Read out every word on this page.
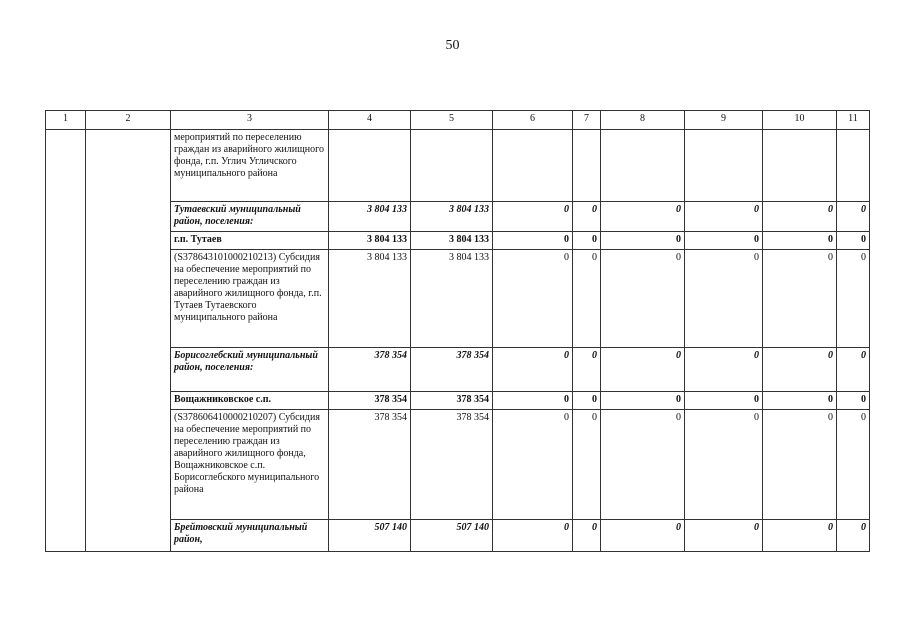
50
1	2	3	4	5	6	7	8	9	10	11
		мероприятий по переселению граждан из аварийного жилищного фонда, г.п. Углич Угличского муниципального района								
		Тутаевский муниципальный район, поселения:	3 804 133	3 804 133	0	0	0	0	0	0
		г.п. Тутаев	3 804 133	3 804 133	0	0	0	0	0	0
		(S378643101000210213) Субсидия на обеспечение мероприятий по переселению граждан из аварийного жилищного фонда, г.п. Тутаев Тутаевского муниципального района	3 804 133	3 804 133	0	0	0	0	0	0
		Борисоглебский муниципальный район, поселения:	378 354	378 354	0	0	0	0	0	0
		Вощажниковское с.п.	378 354	378 354	0	0	0	0	0	0
		(S378606410000210207) Субсидия на обеспечение мероприятий по переселению граждан из аварийного жилищного фонда, Вощажниковское с.п. Борисоглебского муниципального района	378 354	378 354	0	0	0	0	0	0
		Брейтовский муниципальный район,	507 140	507 140	0	0	0	0	0	0
